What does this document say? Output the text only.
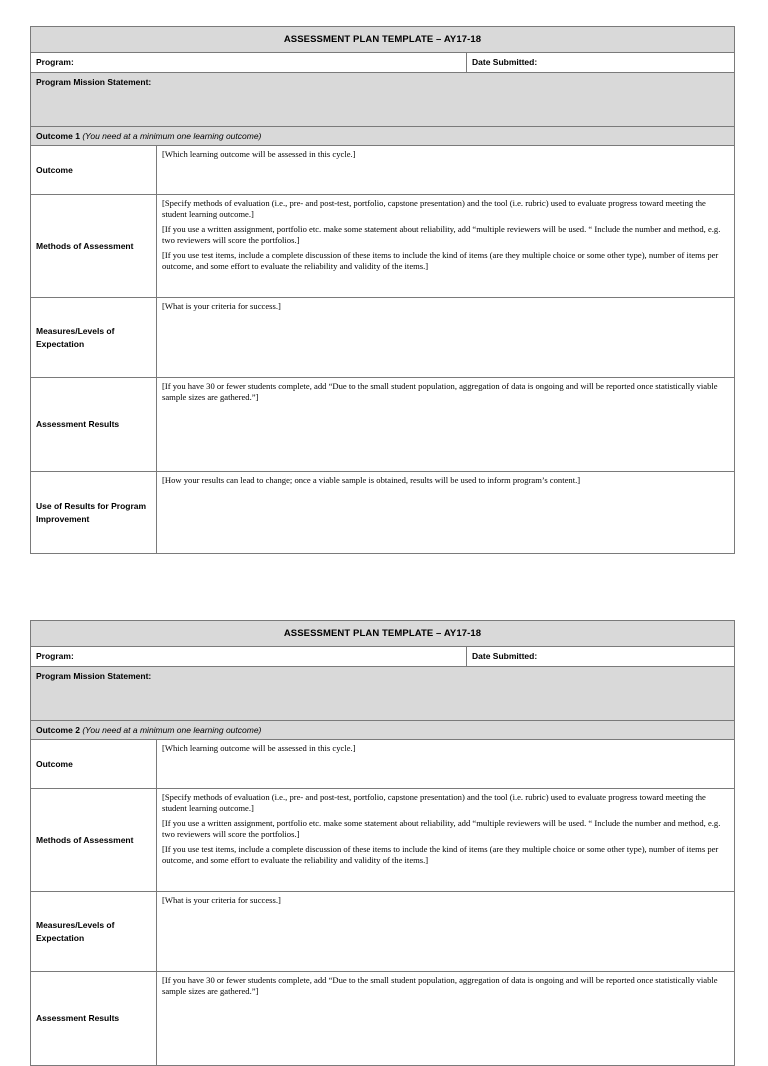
ASSESSMENT PLAN TEMPLATE – AY17-18
Program:	Date Submitted:
Program Mission Statement:
Outcome 1 (You need at a minimum one learning outcome)
Outcome

[Which learning outcome will be assessed in this cycle.]

Methods of Assessment

[Specify methods of evaluation (i.e., pre- and post-test, portfolio, capstone presentation) and the tool (i.e. rubric) used to evaluate progress toward meeting the student learning outcome.]

[If you use a written assignment, portfolio etc. make some statement about reliability, add “multiple reviewers will be used. “ Include the number and method, e.g. two reviewers will score the portfolios.]

[If you use test items, include a complete discussion of these items to include the kind of items (are they multiple choice or some other type), number of items per outcome, and some effort to evaluate the reliability and validity of the items.]

Measures/Levels of Expectation

[What is your criteria for success.]

Assessment Results

[If you have 30 or fewer students complete, add “Due to the small student population, aggregation of data is ongoing and will be reported once statistically viable sample sizes are gathered.”]

Use of Results for Program Improvement

[How your results can lead to change; once a viable sample is obtained, results will be used to inform program’s content.]

ASSESSMENT PLAN TEMPLATE – AY17-18
Program:	Date Submitted:
Program Mission Statement:
Outcome 2 (You need at a minimum one learning outcome)
Outcome

[Which learning outcome will be assessed in this cycle.]

Methods of Assessment

[Specify methods of evaluation (i.e., pre- and post-test, portfolio, capstone presentation) and the tool (i.e. rubric) used to evaluate progress toward meeting the student learning outcome.]

[If you use a written assignment, portfolio etc. make some statement about reliability, add “multiple reviewers will be used. “ Include the number and method, e.g. two reviewers will score the portfolios.]

[If you use test items, include a complete discussion of these items to include the kind of items (are they multiple choice or some other type), number of items per outcome, and some effort to evaluate the reliability and validity of the items.]

Measures/Levels of Expectation

[What is your criteria for success.]

Assessment Results

[If you have 30 or fewer students complete, add “Due to the small student population, aggregation of data is ongoing and will be reported once statistically viable sample sizes are gathered.”]
